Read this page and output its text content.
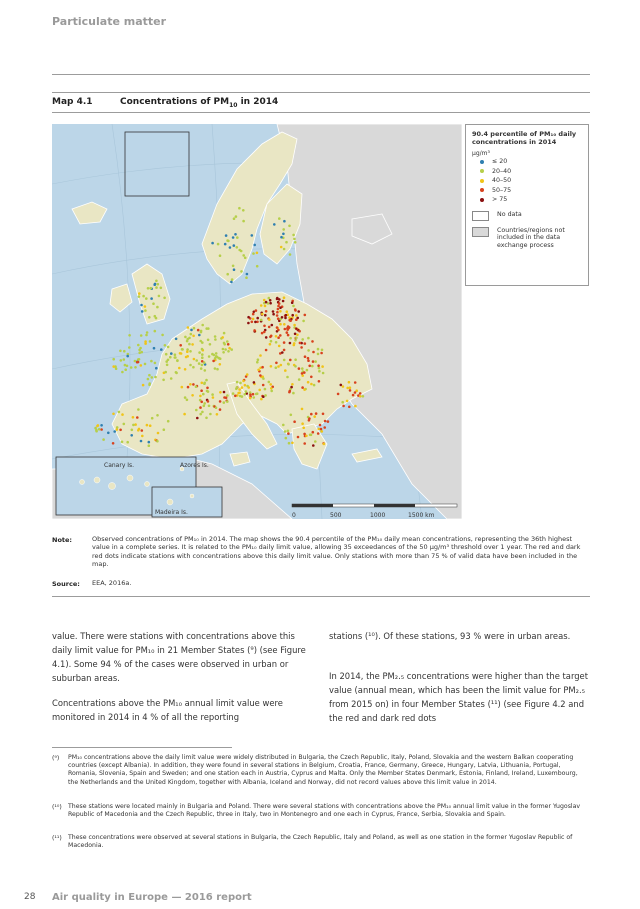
Particulate matter
Map 4.1	Concentrations of $PM_{10}$ in 2014
Canary Is.	Azores Is.
Madeira Is.	0	500	1000	1500 km
90.4 percentile of PM₁₀ daily concentrations in 2014
μg/m³
≤ 20
20–40
40–50
50–75
> 75
No data
Countries/regions not included in the data exchange process
Note:	Observed concentrations of PM₁₀ in 2014. The map shows the 90.4 percentile of the PM₁₀ daily mean concentrations, representing the 36th highest value in a complete series. It is related to the PM₁₀ daily limit value, allowing 35 exceedances of the 50 μg/m³ threshold over 1 year. The red and dark red dots indicate stations with concentrations above this daily limit value. Only stations with more than 75 % of valid data have been included in the map.
Source: EEA, 2016a.
value. There were stations with concentrations above this daily limit value for PM₁₀ in 21 Member States (⁹) (see Figure 4.1). Some 94 % of the cases were observed in urban or suburban areas.
Concentrations above the PM₁₀ annual limit value were monitored in 2014 in 4 % of all the reporting
stations (¹⁰). Of these stations, 93 % were in urban areas.
In 2014, the PM₂.₅ concentrations were higher than the target value (annual mean, which has been the limit value for PM₂.₅ from 2015 on) in four Member States (¹¹) (see Figure 4.2 and the red and dark red dots
(⁹) PM₁₀ concentrations above the daily limit value were widely distributed in Bulgaria, the Czech Republic, Italy, Poland, Slovakia and the western Balkan cooperating countries (except Albania). In addition, they were found in several stations in Belgium, Croatia, France, Germany, Greece, Hungary, Latvia, Lithuania, Portugal, Romania, Slovenia, Spain and Sweden; and one station each in Austria, Cyprus and Malta. Only the Member States Denmark, Estonia, Finland, Ireland, Luxembourg, the Netherlands and the United Kingdom, together with Albania, Iceland and Norway, did not record values above this limit value in 2014.
(¹⁰) These stations were located mainly in Bulgaria and Poland. There were several stations with concentrations above the PM₁₀ annual limit value in the former Yugoslav Republic of Macedonia and the Czech Republic, three in Italy, two in Montenegro and one each in Cyprus, France, Serbia, Slovakia and Spain.
(¹¹) These concentrations were observed at several stations in Bulgaria, the Czech Republic, Italy and Poland, as well as one station in the former Yugoslav Republic of Macedonia.
28 Air quality in Europe — 2016 report
